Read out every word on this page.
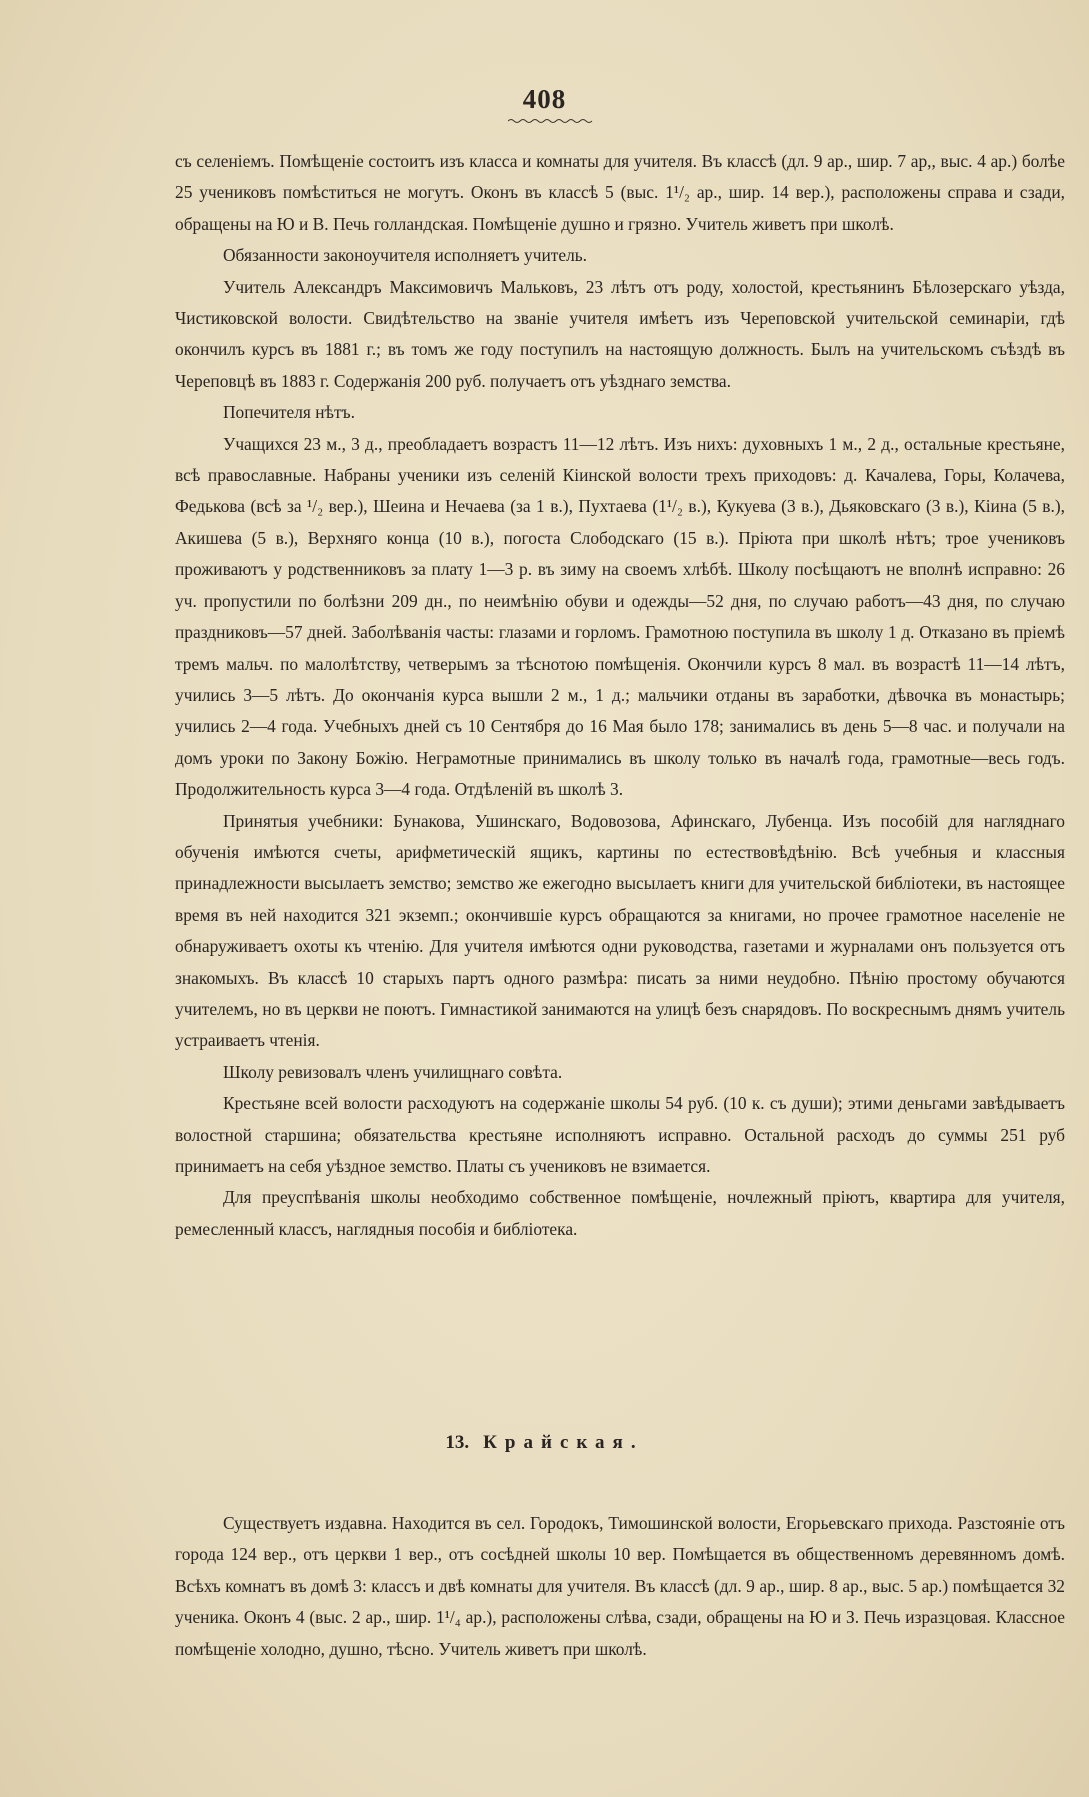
408

съ селеніемъ. Помѣщеніе состоитъ изъ класса и комнаты для учителя. Въ классѣ (дл. 9 ар., шир. 7 ар,, выс. 4 ар.) болѣе 25 учениковъ помѣститься не могутъ. Оконъ въ классѣ 5 (выс. 1¹/₂ ар., шир. 14 вер.), расположены справа и сзади, обращены на Ю и В. Печь голландская. Помѣщеніе душно и грязно. Учитель живетъ при школѣ.

Обязанности законоучителя исполняетъ учитель.

Учитель Александръ Максимовичъ Мальковъ, 23 лѣтъ отъ роду, холостой, крестьянинъ Бѣлозерскаго уѣзда, Чистиковской волости. Свидѣтельство на званіе учителя имѣетъ изъ Череповской учительской семинаріи, гдѣ окончилъ курсъ въ 1881 г.; въ томъ же году поступилъ на настоящую должность. Былъ на учительскомъ съѣздѣ въ Череповцѣ въ 1883 г. Содержанія 200 руб. получаетъ отъ уѣзднаго земства.

Попечителя нѣтъ.

Учащихся 23 м., 3 д., преобладаетъ возрастъ 11—12 лѣтъ. Изъ нихъ: духовныхъ 1 м., 2 д., остальные крестьяне, всѣ православные. Набраны ученики изъ селеній Кіинской волости трехъ приходовъ: д. Качалева, Горы, Колачева, Федькова (всѣ за ¹/₂ вер.), Шеина и Нечаева (за 1 в.), Пухтаева (1¹/₂ в.), Кукуева (3 в.), Дьяковскаго (3 в.), Кіина (5 в.), Акишева (5 в.), Верхняго конца (10 в.), погоста Слободскаго (15 в.). Пріюта при школѣ нѣтъ; трое учениковъ проживаютъ у родственниковъ за плату 1—3 р. въ зиму на своемъ хлѣбѣ. Школу посѣщаютъ не вполнѣ исправно: 26 уч. пропустили по болѣзни 209 дн., по неимѣнію обуви и одежды—52 дня, по случаю работъ—43 дня, по случаю праздниковъ—57 дней. Заболѣванія часты: глазами и горломъ. Грамотною поступила въ школу 1 д. Отказано въ пріемѣ тремъ мальч. по малолѣтству, четверымъ за тѣснотою помѣщенія. Окончили курсъ 8 мал. въ возрастѣ 11—14 лѣтъ, учились 3—5 лѣтъ. До окончанія курса вышли 2 м., 1 д.; мальчики отданы въ заработки, дѣвочка въ монастырь; учились 2—4 года. Учебныхъ дней съ 10 Сентября до 16 Мая было 178; занимались въ день 5—8 час. и получали на домъ уроки по Закону Божію. Неграмотные принимались въ школу только въ началѣ года, грамотные—весь годъ. Продолжительность курса 3—4 года. Отдѣленій въ школѣ 3.

Принятыя учебники: Бунакова, Ушинскаго, Водовозова, Афинскаго, Лубенца. Изъ пособій для нагляднаго обученія имѣются счеты, арифметическій ящикъ, картины по естествовѣдѣнію. Всѣ учебныя и классныя принадлежности высылаетъ земство; земство же ежегодно высылаетъ книги для учительской библіотеки, въ настоящее время въ ней находится 321 экземп.; окончившіе курсъ обращаются за книгами, но прочее грамотное населеніе не обнаруживаетъ охоты къ чтенію. Для учителя имѣются одни руководства, газетами и журналами онъ пользуется отъ знакомыхъ. Въ классѣ 10 старыхъ партъ одного размѣра: писать за ними неудобно. Пѣнію простому обучаются учителемъ, но въ церкви не поютъ. Гимнастикой занимаются на улицѣ безъ снарядовъ. По воскреснымъ днямъ учитель устраиваетъ чтенія.

Школу ревизовалъ членъ училищнаго совѣта.

Крестьяне всей волости расходуютъ на содержаніе школы 54 руб. (10 к. съ души); этими деньгами завѣдываетъ волостной старшина; обязательства крестьяне исполняютъ исправно. Остальной расходъ до суммы 251 руб принимаетъ на себя уѣздное земство. Платы съ учениковъ не взимается.

Для преуспѣванія школы необходимо собственное помѣщеніе, ночлежный пріютъ, квартира для учителя, ремесленный классъ, наглядныя пособія и библіотека.

13. Крайская.

Существуетъ издавна. Находится въ сел. Городокъ, Тимошинской волости, Егорьевскаго прихода. Разстояніе отъ города 124 вер., отъ церкви 1 вер., отъ сосѣдней школы 10 вер. Помѣщается въ общественномъ деревянномъ домѣ. Всѣхъ комнатъ въ домѣ 3: классъ и двѣ комнаты для учителя. Въ классѣ (дл. 9 ар., шир. 8 ар., выс. 5 ар.) помѣщается 32 ученика. Оконъ 4 (выс. 2 ар., шир. 1¹/₄ ар.), расположены слѣва, сзади, обращены на Ю и З. Печь изразцовая. Классное помѣщеніе холодно, душно, тѣсно. Учитель живетъ при школѣ.
